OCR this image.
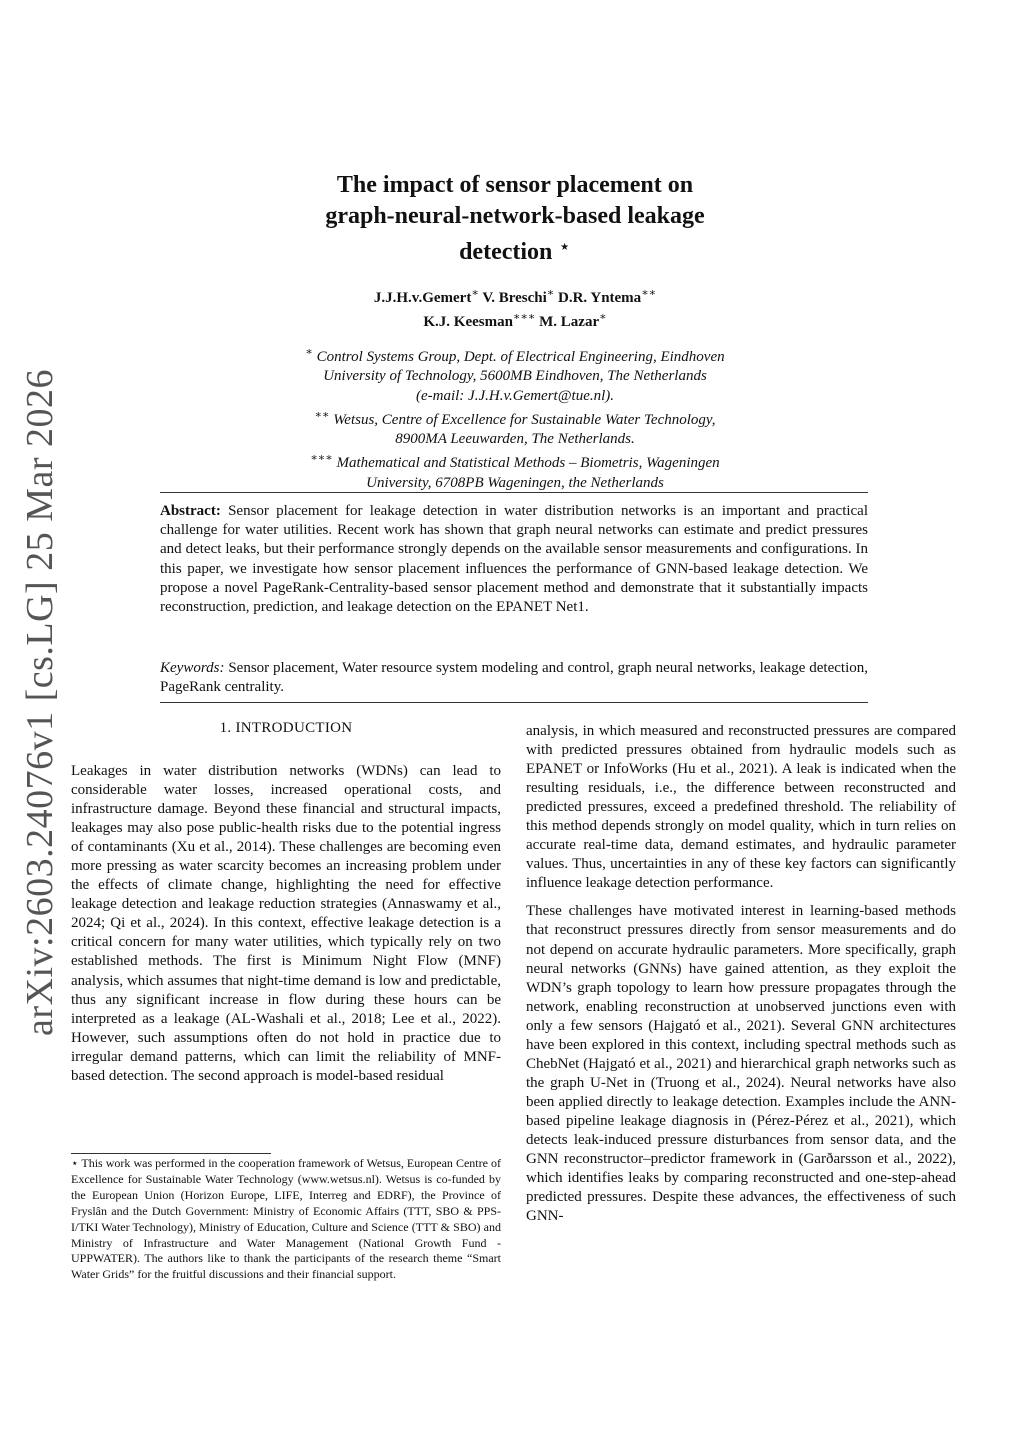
arXiv:2603.24076v1 [cs.LG] 25 Mar 2026

The impact of sensor placement on
graph-neural-network-based leakage
detection ⋆

J.J.H.v.Gemert∗ V. Breschi∗ D.R. Yntema∗∗
K.J. Keesman∗∗∗ M. Lazar∗
∗ Control Systems Group, Dept. of Electrical Engineering, Eindhoven
University of Technology, 5600MB Eindhoven, The Netherlands
(e-mail: J.J.H.v.Gemert@tue.nl).
∗∗ Wetsus, Centre of Excellence for Sustainable Water Technology,
8900MA Leeuwarden, The Netherlands.
∗∗∗ Mathematical and Statistical Methods – Biometris, Wageningen
University, 6708PB Wageningen, the Netherlands

Abstract: Sensor placement for leakage detection in water distribution networks is an important and practical challenge for water utilities. Recent work has shown that graph neural networks can estimate and predict pressures and detect leaks, but their performance strongly depends on the available sensor measurements and configurations. In this paper, we investigate how sensor placement influences the performance of GNN-based leakage detection. We propose a novel PageRank-Centrality-based sensor placement method and demonstrate that it substantially impacts reconstruction, prediction, and leakage detection on the EPANET Net1.

Keywords: Sensor placement, Water resource system modeling and control, graph neural networks, leakage detection, PageRank centrality.

1. INTRODUCTION

Leakages in water distribution networks (WDNs) can lead to considerable water losses, increased operational costs, and infrastructure damage. Beyond these financial and structural impacts, leakages may also pose public-health risks due to the potential ingress of contaminants (Xu et al., 2014). These challenges are becoming even more pressing as water scarcity becomes an increasing problem under the effects of climate change, highlighting the need for effective leakage detection and leakage reduction strategies (Annaswamy et al., 2024; Qi et al., 2024). In this context, effective leakage detection is a critical concern for many water utilities, which typically rely on two established methods. The first is Minimum Night Flow (MNF) analysis, which assumes that night-time demand is low and predictable, thus any significant increase in flow during these hours can be interpreted as a leakage (AL-Washali et al., 2018; Lee et al., 2022). However, such assumptions often do not hold in practice due to irregular demand patterns, which can limit the reliability of MNF-based detection. The second approach is model-based residual

⋆ This work was performed in the cooperation framework of Wetsus, European Centre of Excellence for Sustainable Water Technology (www.wetsus.nl). Wetsus is co-funded by the European Union (Horizon Europe, LIFE, Interreg and EDRF), the Province of Fryslân and the Dutch Government: Ministry of Economic Affairs (TTT, SBO & PPS-I/TKI Water Technology), Ministry of Education, Culture and Science (TTT & SBO) and Ministry of Infrastructure and Water Management (National Growth Fund - UPPWATER). The authors like to thank the participants of the research theme “Smart Water Grids” for the fruitful discussions and their financial support.

analysis, in which measured and reconstructed pressures are compared with predicted pressures obtained from hydraulic models such as EPANET or InfoWorks (Hu et al., 2021). A leak is indicated when the resulting residuals, i.e., the difference between reconstructed and predicted pressures, exceed a predefined threshold. The reliability of this method depends strongly on model quality, which in turn relies on accurate real-time data, demand estimates, and hydraulic parameter values. Thus, uncertainties in any of these key factors can significantly influence leakage detection performance.

These challenges have motivated interest in learning-based methods that reconstruct pressures directly from sensor measurements and do not depend on accurate hydraulic parameters. More specifically, graph neural networks (GNNs) have gained attention, as they exploit the WDN’s graph topology to learn how pressure propagates through the network, enabling reconstruction at unobserved junctions even with only a few sensors (Hajgató et al., 2021). Several GNN architectures have been explored in this context, including spectral methods such as ChebNet (Hajgató et al., 2021) and hierarchical graph networks such as the graph U-Net in (Truong et al., 2024). Neural networks have also been applied directly to leakage detection. Examples include the ANN-based pipeline leakage diagnosis in (Pérez-Pérez et al., 2021), which detects leak-induced pressure disturbances from sensor data, and the GNN reconstructor–predictor framework in (Garðarsson et al., 2022), which identifies leaks by comparing reconstructed and one-step-ahead predicted pressures. Despite these advances, the effectiveness of such GNN-
